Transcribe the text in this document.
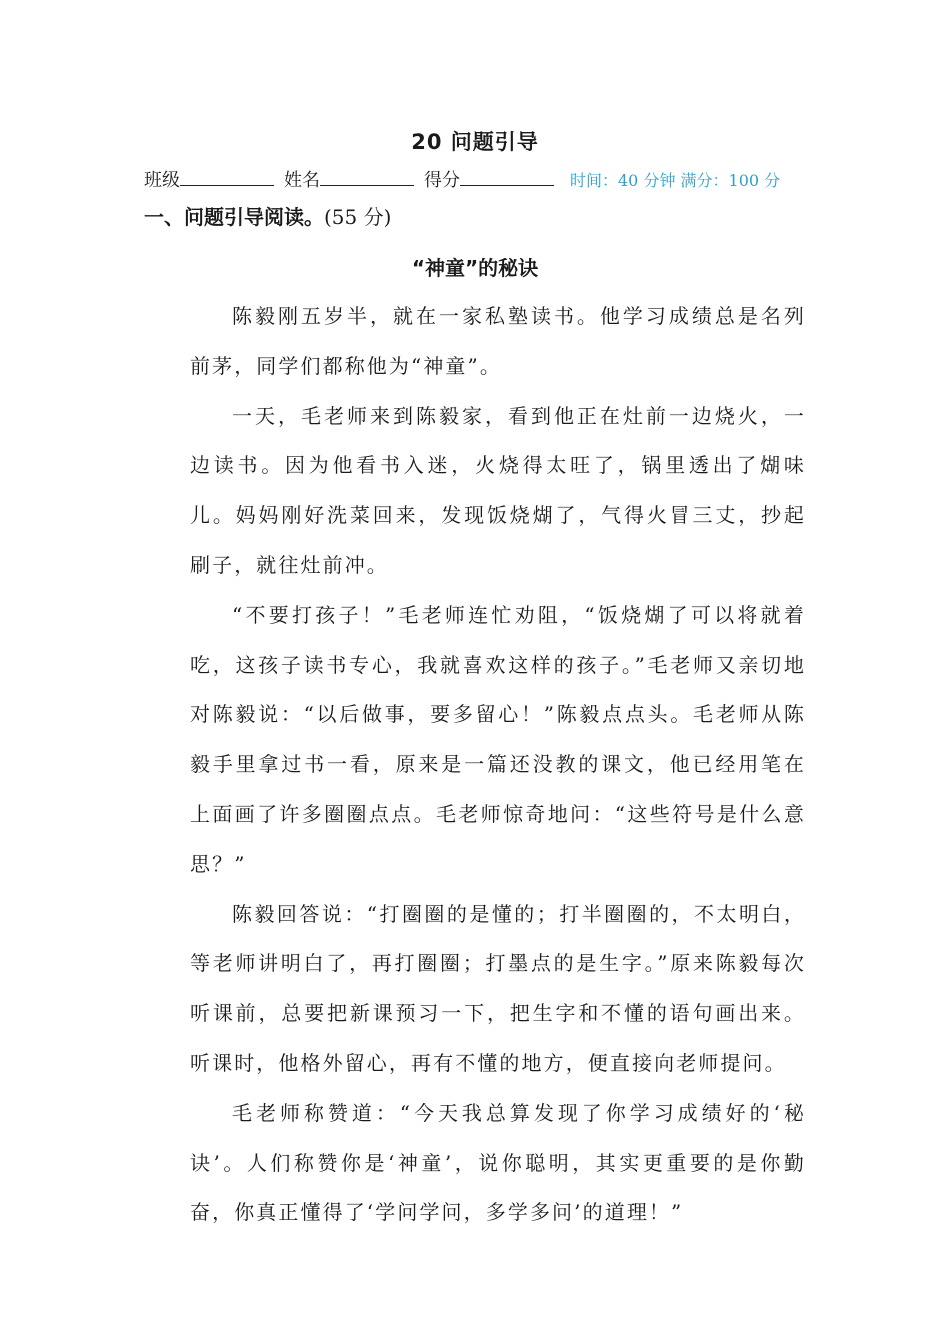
20 问题引导
班级	姓名	得分	时间：40 分钟 满分：100 分
一、问题引导阅读。(55 分)
“神童”的秘诀

陈毅刚五岁半，就在一家私塾读书。他学习成绩总是名列前茅，同学们都称他为“神童”。

一天，毛老师来到陈毅家，看到他正在灶前一边烧火，一边读书。因为他看书入迷，火烧得太旺了，锅里透出了煳味儿。妈妈刚好洗菜回来，发现饭烧煳了，气得火冒三丈，抄起刷子，就往灶前冲。

“不要打孩子！”毛老师连忙劝阻，“饭烧煳了可以将就着吃，这孩子读书专心，我就喜欢这样的孩子。”毛老师又亲切地对陈毅说：“以后做事，要多留心！”陈毅点点头。毛老师从陈毅手里拿过书一看，原来是一篇还没教的课文，他已经用笔在上面画了许多圈圈点点。毛老师惊奇地问：“这些符号是什么意思？”

陈毅回答说：“打圈圈的是懂的；打半圈圈的，不太明白，等老师讲明白了，再打圈圈；打墨点的是生字。”原来陈毅每次听课前，总要把新课预习一下，把生字和不懂的语句画出来。听课时，他格外留心，再有不懂的地方，便直接向老师提问。

毛老师称赞道：“今天我总算发现了你学习成绩好的‘秘诀’。人们称赞你是‘神童’，说你聪明，其实更重要的是你勤奋，你真正懂得了‘学问学问，多学多问’的道理！”
